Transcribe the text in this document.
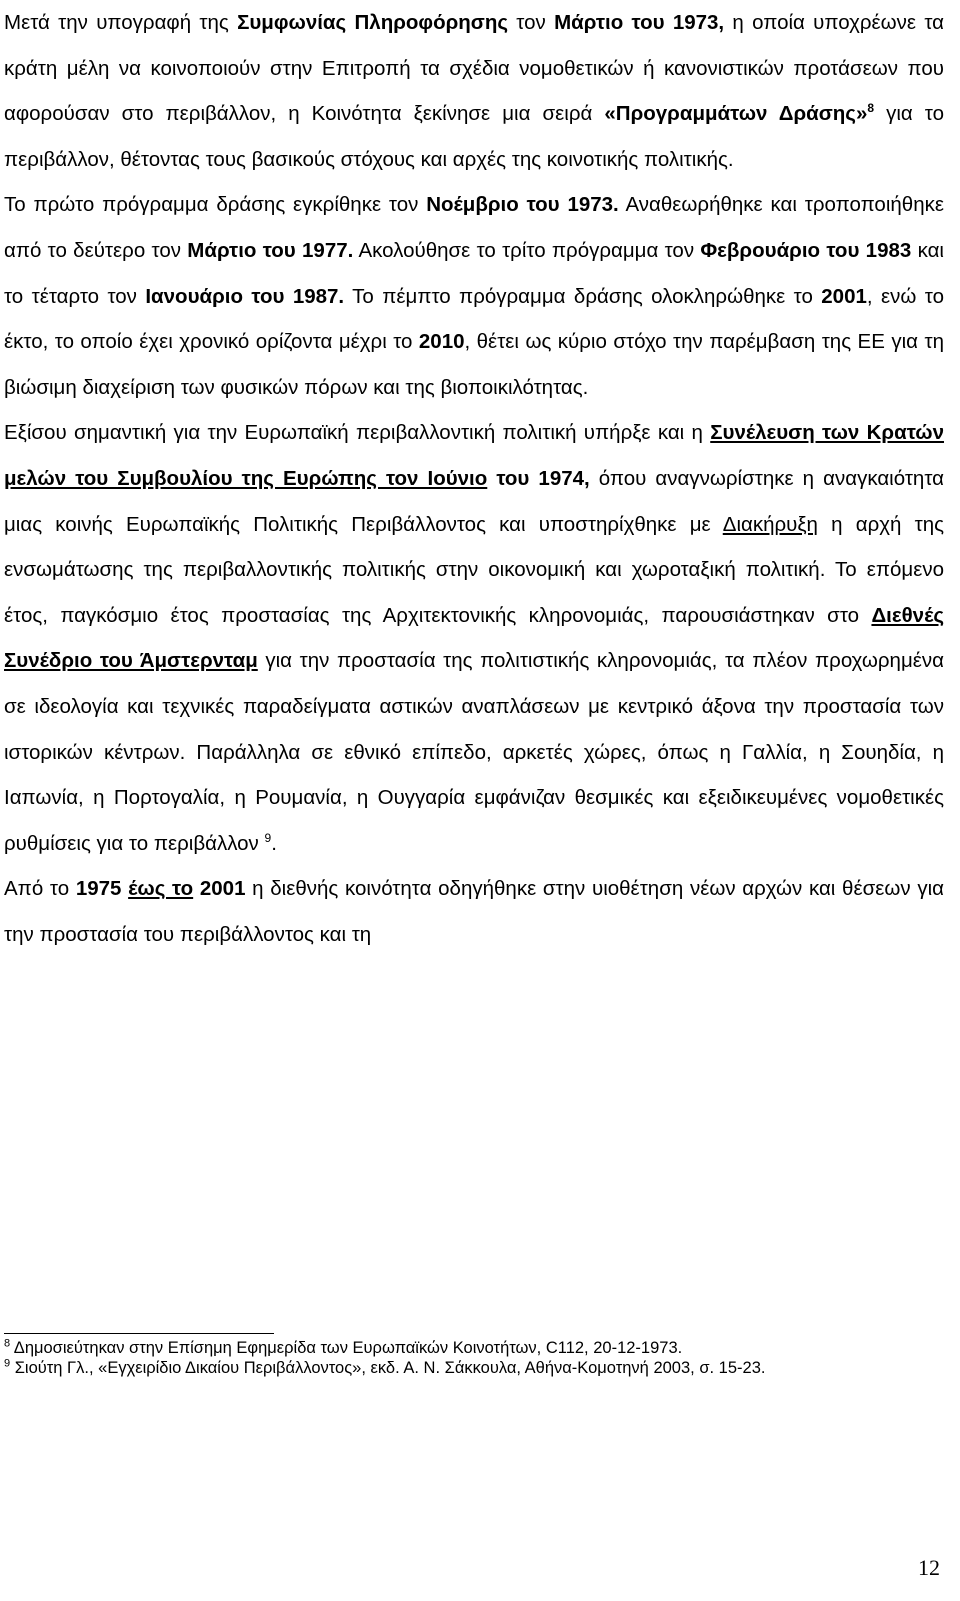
Μετά την υπογραφή της Συμφωνίας Πληροφόρησης τον Μάρτιο του 1973, η οποία υποχρέωνε τα κράτη μέλη να κοινοποιούν στην Επιτροπή τα σχέδια νομοθετικών ή κανονιστικών προτάσεων που αφορούσαν στο περιβάλλον, η Κοινότητα ξεκίνησε μια σειρά «Προγραμμάτων Δράσης»$^8$ για το περιβάλλον, θέτοντας τους βασικούς στόχους και αρχές της κοινοτικής πολιτικής.

Το πρώτο πρόγραμμα δράσης εγκρίθηκε τον Νοέμβριο του 1973. Αναθεωρήθηκε και τροποποιήθηκε από το δεύτερο τον Μάρτιο του 1977. Ακολούθησε το τρίτο πρόγραμμα τον Φεβρουάριο του 1983 και το τέταρτο τον Ιανουάριο του 1987. Το πέμπτο πρόγραμμα δράσης ολοκληρώθηκε το 2001, ενώ το έκτο, το οποίο έχει χρονικό ορίζοντα μέχρι το 2010, θέτει ως κύριο στόχο την παρέμβαση της ΕΕ για τη βιώσιμη διαχείριση των φυσικών πόρων και της βιοποικιλότητας.

Εξίσου σημαντική για την Ευρωπαϊκή περιβαλλοντική πολιτική υπήρξε και η Συνέλευση των Κρατών μελών του Συμβουλίου της Ευρώπης τον Ιούνιο του 1974, όπου αναγνωρίστηκε η αναγκαιότητα μιας κοινής Ευρωπαϊκής Πολιτικής Περιβάλλοντος και υποστηρίχθηκε με Διακήρυξη η αρχή της ενσωμάτωσης της περιβαλλοντικής πολιτικής στην οικονομική και χωροταξική πολιτική. Το επόμενο έτος, παγκόσμιο έτος προστασίας της Αρχιτεκτονικής κληρονομιάς, παρουσιάστηκαν στο Διεθνές Συνέδριο του Άμστερνταμ για την προστασία της πολιτιστικής κληρονομιάς, τα πλέον προχωρημένα σε ιδεολογία και τεχνικές παραδείγματα αστικών αναπλάσεων με κεντρικό άξονα την προστασία των ιστορικών κέντρων. Παράλληλα σε εθνικό επίπεδο, αρκετές χώρες, όπως η Γαλλία, η Σουηδία, η Ιαπωνία, η Πορτογαλία, η Ρουμανία, η Ουγγαρία εμφάνιζαν θεσμικές και εξειδικευμένες νομοθετικές ρυθμίσεις για το περιβάλλον $^9$.

Από το 1975 έως το 2001 η διεθνής κοινότητα οδηγήθηκε στην υιοθέτηση νέων αρχών και θέσεων για την προστασία του περιβάλλοντος και τη

$^8$ Δημοσιεύτηκαν στην Επίσημη Εφημερίδα των Ευρωπαϊκών Κοινοτήτων, C112, 20-12-1973.

$^9$ Σιούτη Γλ., «Εγχειρίδιο Δικαίου Περιβάλλοντος», εκδ. Α. Ν. Σάκκουλα, Αθήνα-Κομοτηνή 2003, σ. 15-23.

12
